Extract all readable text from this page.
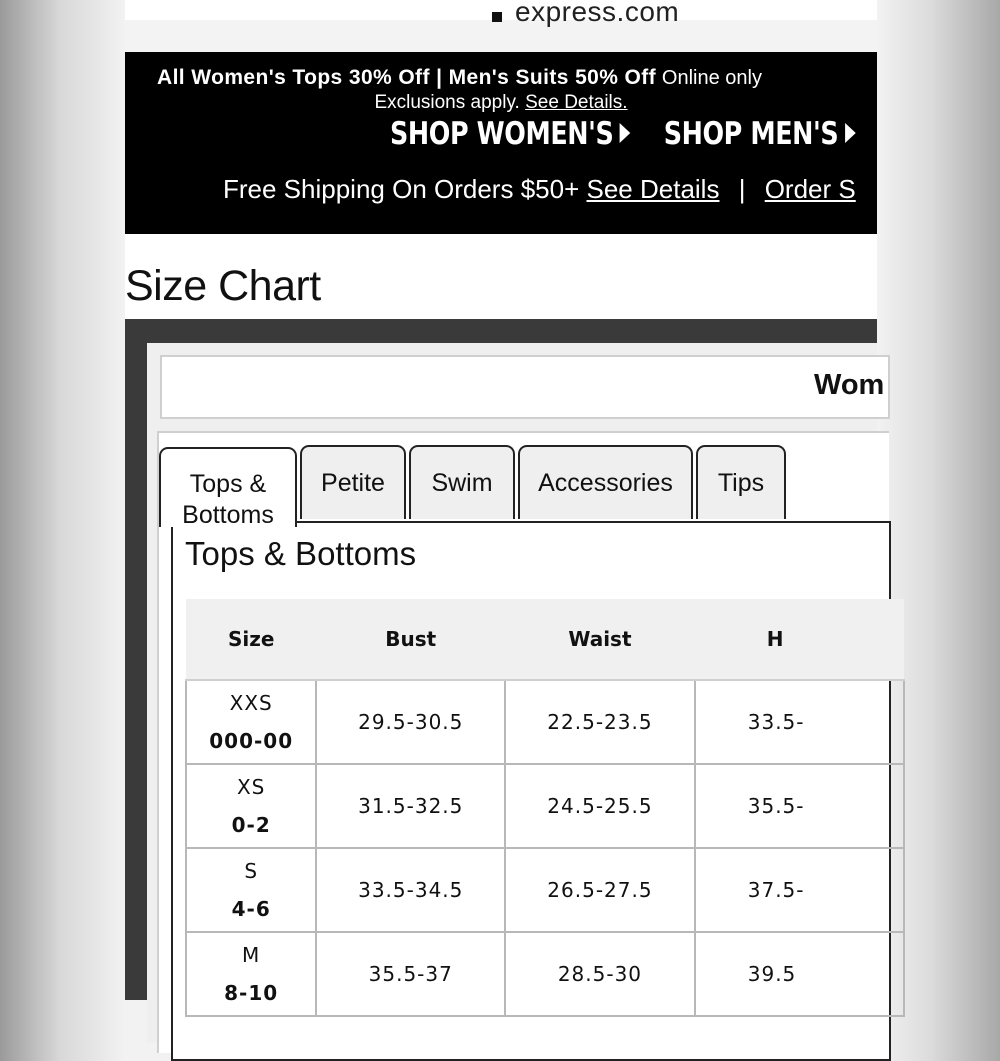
express.com
All Women's Tops 30% Off | Men's Suits 50% Off Online only
Exclusions apply. See Details.
SHOP WOMEN'S SHOP MEN'S
Free Shipping On Orders $50+ See Details | Order S
Size Chart
Wom
Tops & Bottoms
Petite	Swim	Accessories	Tips
Tops & Bottoms
Size	Bust	Waist	H

XXS
000-00	29.5-30.5	22.5-23.5	33.5-

XS
0-2	31.5-32.5	24.5-25.5	35.5-

S
4-6	33.5-34.5	26.5-27.5	37.5-

M
8-10	35.5-37	28.5-30	39.5
